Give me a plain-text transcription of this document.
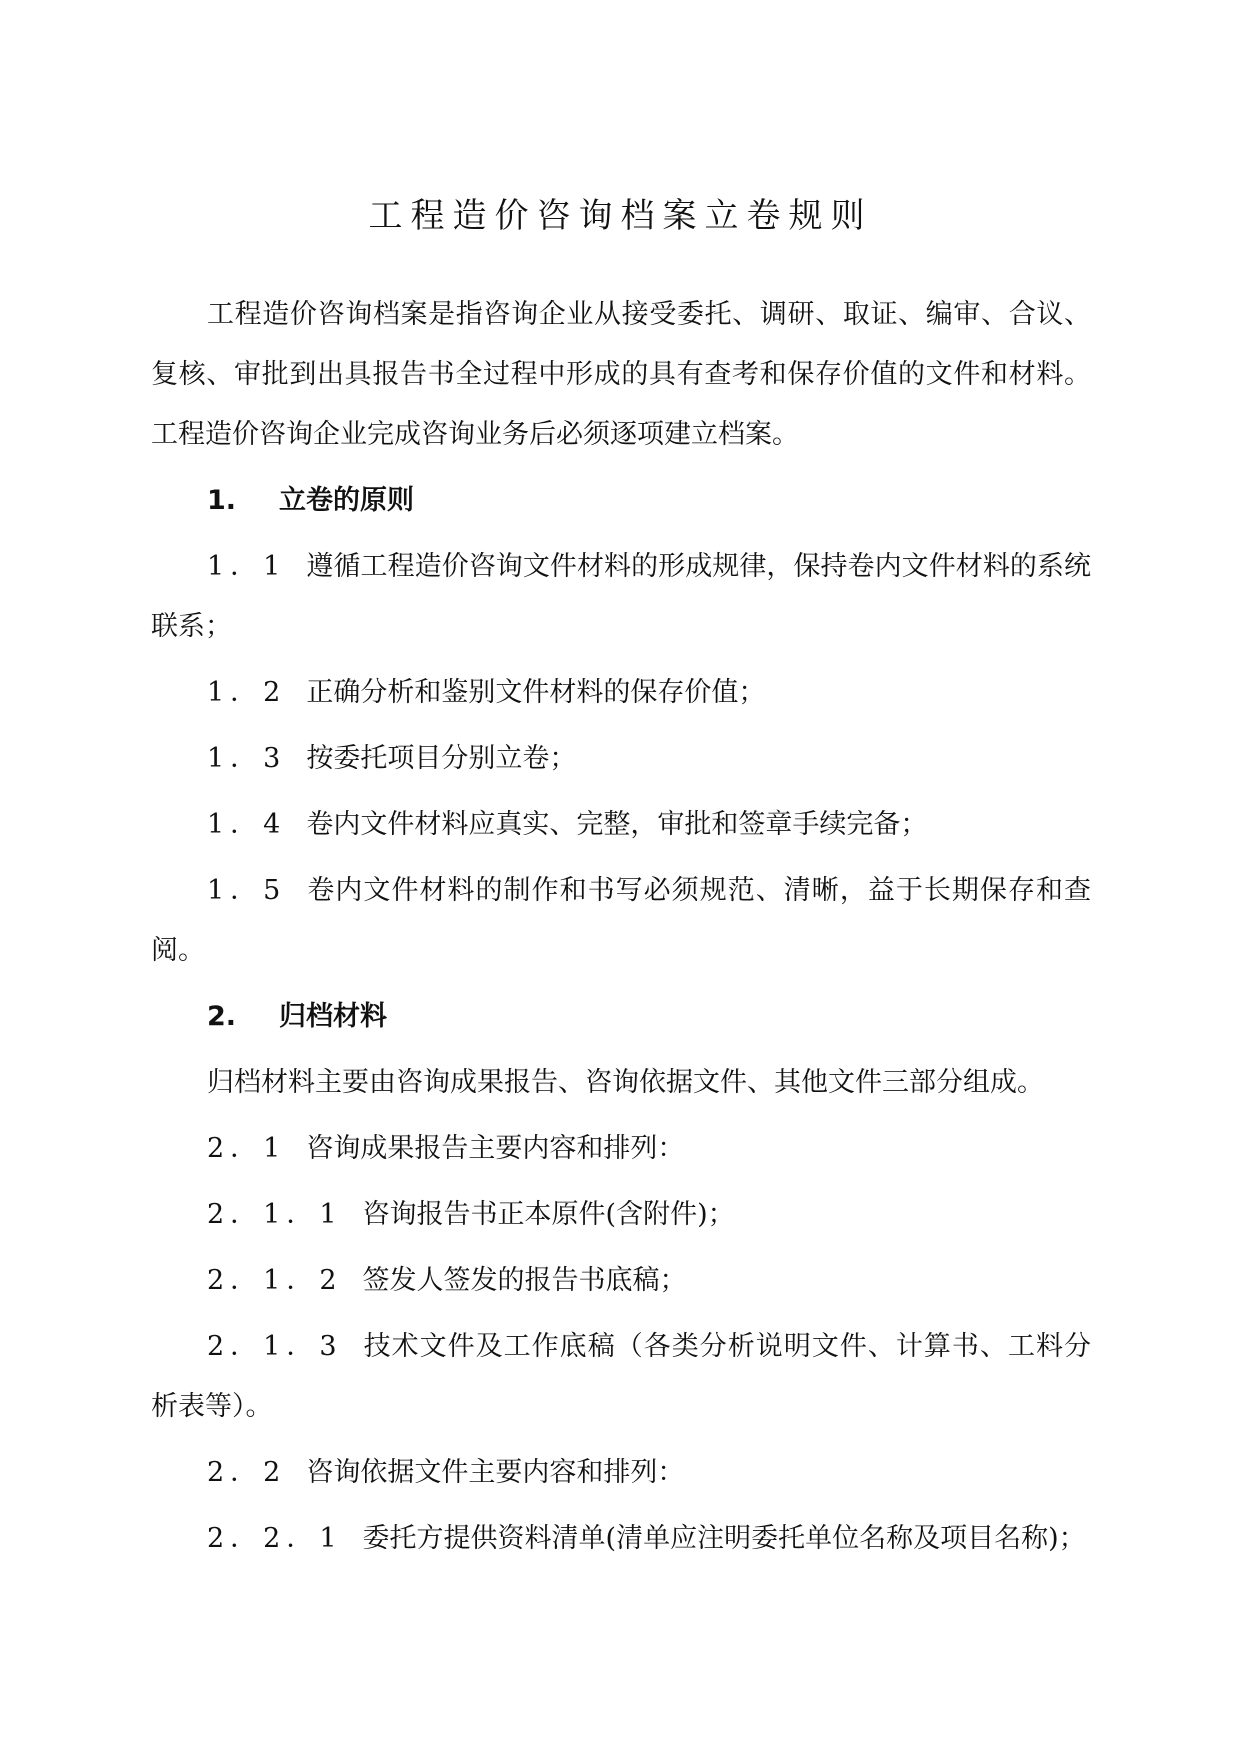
工程造价咨询档案立卷规则

工程造价咨询档案是指咨询企业从接受委托、调研、取证、编审、合议、复核、审批到出具报告书全过程中形成的具有查考和保存价值的文件和材料。工程造价咨询企业完成咨询业务后必须逐项建立档案。

1. 立卷的原则

1．1 遵循工程造价咨询文件材料的形成规律，保持卷内文件材料的系统联系；

1．2 正确分析和鉴别文件材料的保存价值；

1．3 按委托项目分别立卷；

1．4 卷内文件材料应真实、完整，审批和签章手续完备；

1．5 卷内文件材料的制作和书写必须规范、清晰，益于长期保存和查阅。

2. 归档材料

归档材料主要由咨询成果报告、咨询依据文件、其他文件三部分组成。

2．1 咨询成果报告主要内容和排列：

2．1．1 咨询报告书正本原件(含附件)；

2．1．2 签发人签发的报告书底稿；

2．1．3 技术文件及工作底稿（各类分析说明文件、计算书、工料分析表等）。

2．2 咨询依据文件主要内容和排列：

2．2．1 委托方提供资料清单(清单应注明委托单位名称及项目名称)；
